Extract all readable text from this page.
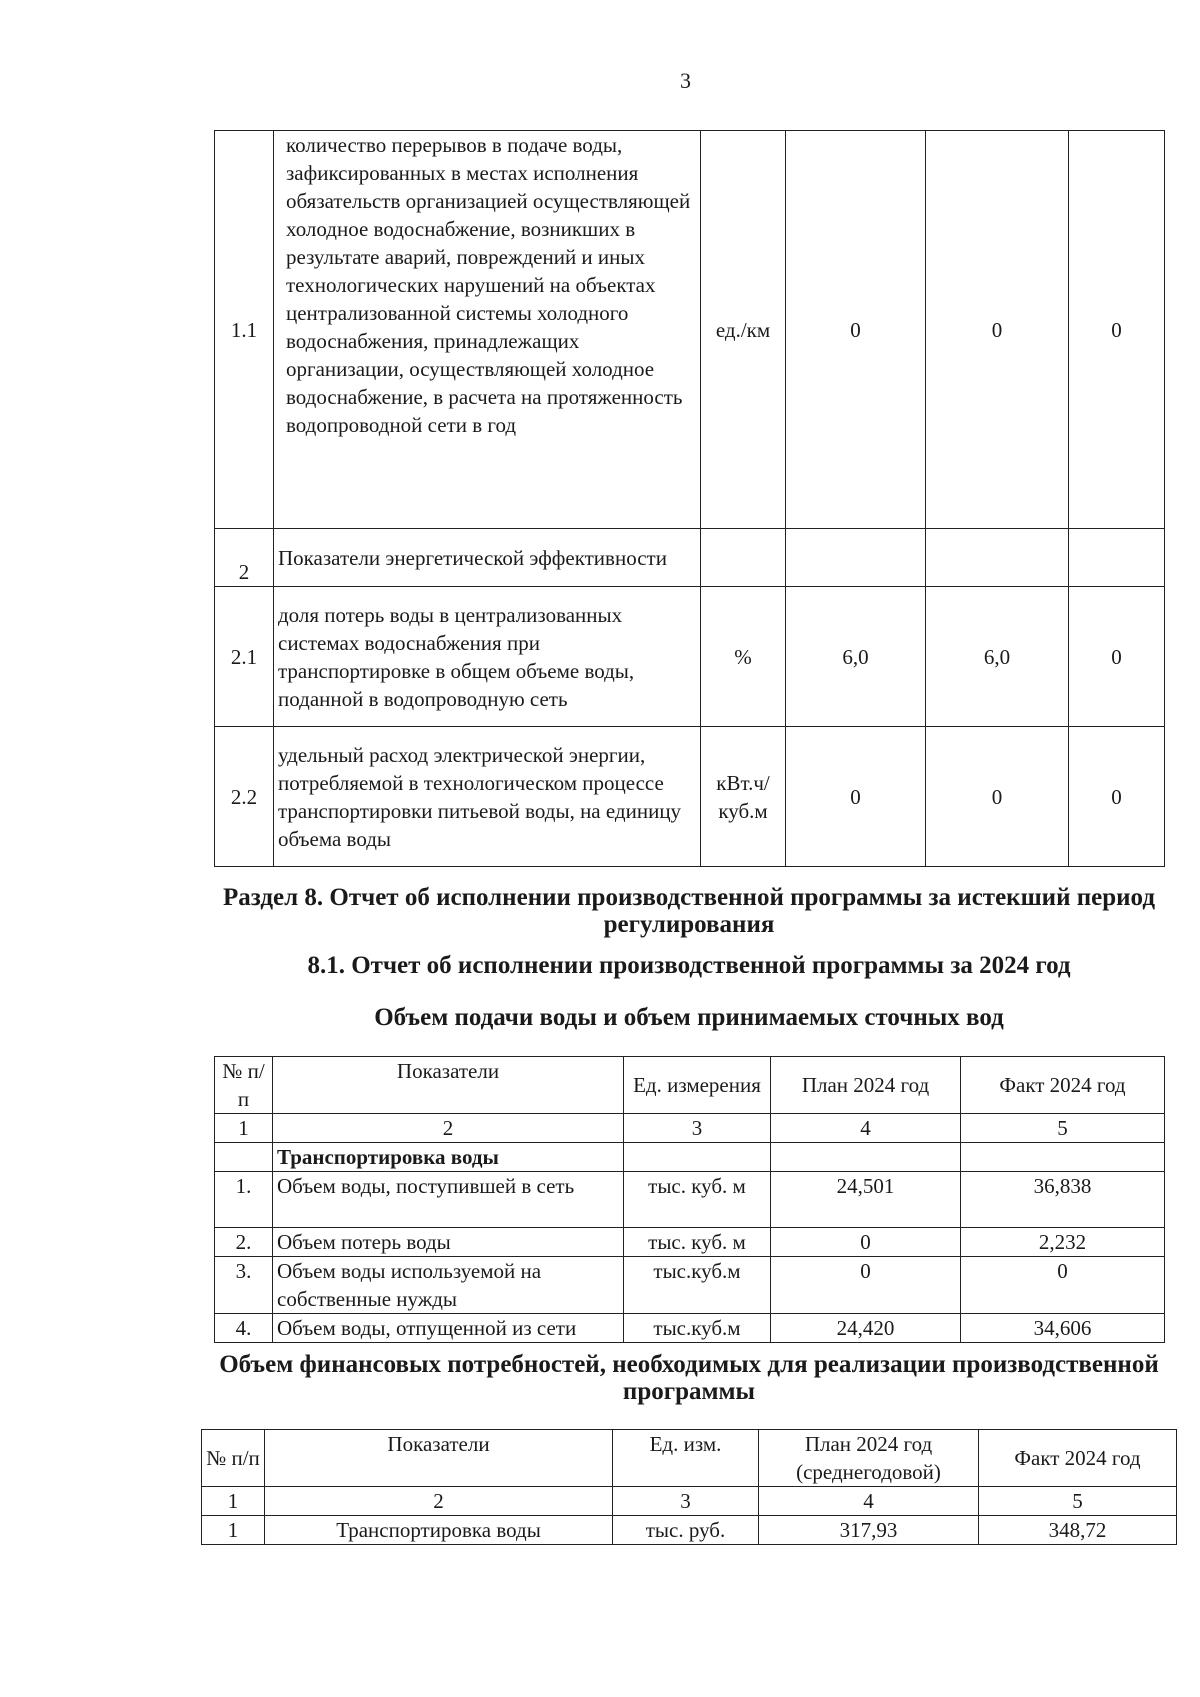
3
1.1	количество перерывов в подаче воды, зафиксированных в местах исполнения обязательств организацией осуществляющей холодное водоснабжение, возникших в результате аварий, повреждений и иных технологических нарушений на объектах централизованной системы холодного водоснабжения, принадлежащих организации, осуществляющей холодное водоснабжение, в расчета на протяженность водопроводной сети в год	ед./км	0	0	0
2	Показатели энергетической эффективности				
2.1	доля потерь воды в централизованных системах водоснабжения при транспортировке в общем объеме воды, поданной в водопроводную сеть	%	6,0	6,0	0
2.2	удельный расход электрической энергии, потребляемой в технологическом процессе транспортировки питьевой воды, на единицу объема воды	кВт.ч/куб.м	0	0	0
Раздел 8. Отчет об исполнении производственной программы за истекший период регулирования
8.1. Отчет об исполнении производственной программы за 2024 год
Объем подачи воды и объем принимаемых сточных вод
№ п/п	Показатели	Ед. измерения	План 2024 год	Факт 2024 год
1	2	3	4	5
	Транспортировка воды			
1.	Объем воды, поступившей в сеть	тыс. куб. м	24,501	36,838
2.	Объем потерь воды	тыс. куб. м	0	2,232
3.	Объем воды используемой на собственные нужды	тыс.куб.м	0	0
4.	Объем воды, отпущенной из сети	тыс.куб.м	24,420	34,606
Объем финансовых потребностей, необходимых для реализации производственной программы
№ п/п	Показатели	Ед. изм.	План 2024 год (среднегодовой)	Факт 2024 год
1	2	3	4	5
1	Транспортировка воды	тыс. руб.	317,93	348,72
